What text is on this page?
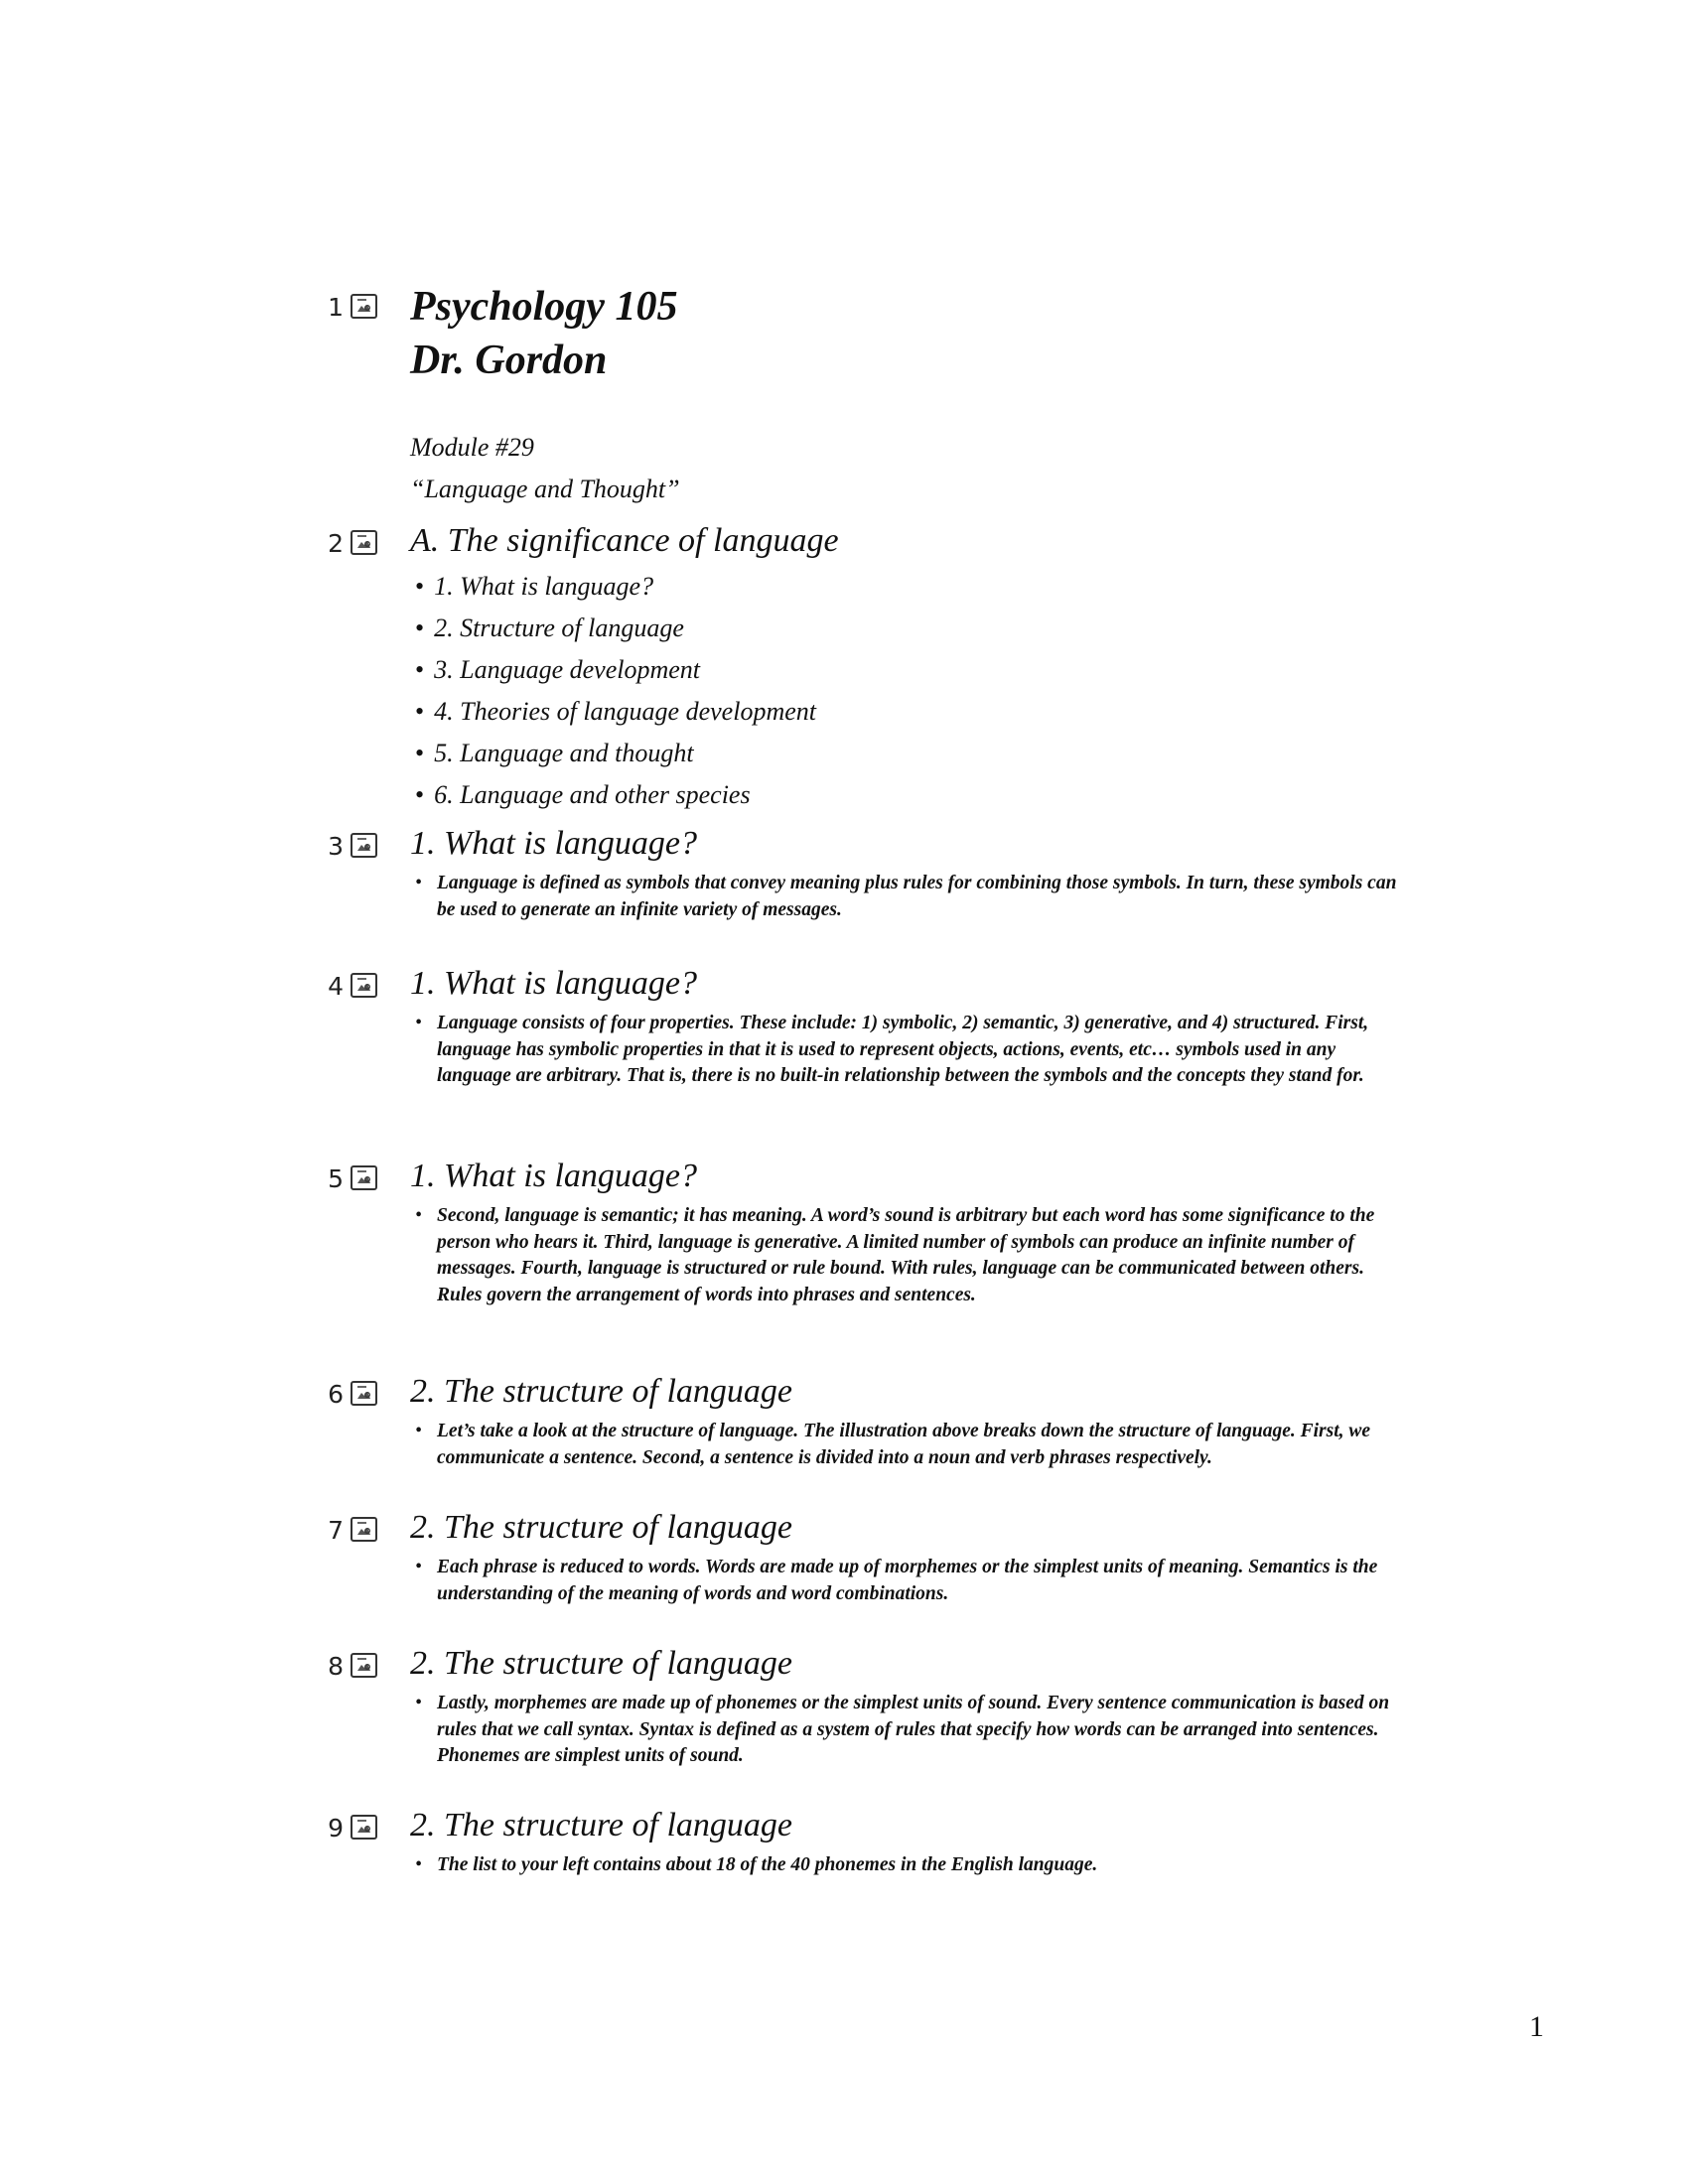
1 Psychology 105
Dr. Gordon
Module #29
“Language and Thought”
2 A. The significance of language
• 1. What is language?
• 2. Structure of language
• 3. Language development
• 4. Theories of language development
• 5. Language and thought
• 6. Language and other species
3 1. What is language?
• Language is defined as symbols that convey meaning plus rules for combining those symbols. In turn, these symbols can be used to generate an infinite variety of messages.
4 1. What is language?
• Language consists of four properties. These include: 1) symbolic, 2) semantic, 3) generative, and 4) structured. First, language has symbolic properties in that it is used to represent objects, actions, events, etc… symbols used in any language are arbitrary. That is, there is no built-in relationship between the symbols and the concepts they stand for.
5 1. What is language?
• Second, language is semantic; it has meaning. A word’s sound is arbitrary but each word has some significance to the person who hears it. Third, language is generative. A limited number of symbols can produce an infinite number of messages. Fourth, language is structured or rule bound. With rules, language can be communicated between others. Rules govern the arrangement of words into phrases and sentences.
6 2. The structure of language
• Let’s take a look at the structure of language. The illustration above breaks down the structure of language. First, we communicate a sentence. Second, a sentence is divided into a noun and verb phrases respectively.
7 2. The structure of language
• Each phrase is reduced to words. Words are made up of morphemes or the simplest units of meaning. Semantics is the understanding of the meaning of words and word combinations.
8 2. The structure of language
• Lastly, morphemes are made up of phonemes or the simplest units of sound. Every sentence communication is based on rules that we call syntax. Syntax is defined as a system of rules that specify how words can be arranged into sentences. Phonemes are simplest units of sound.
9 2. The structure of language
• The list to your left contains about 18 of the 40 phonemes in the English language.
1
